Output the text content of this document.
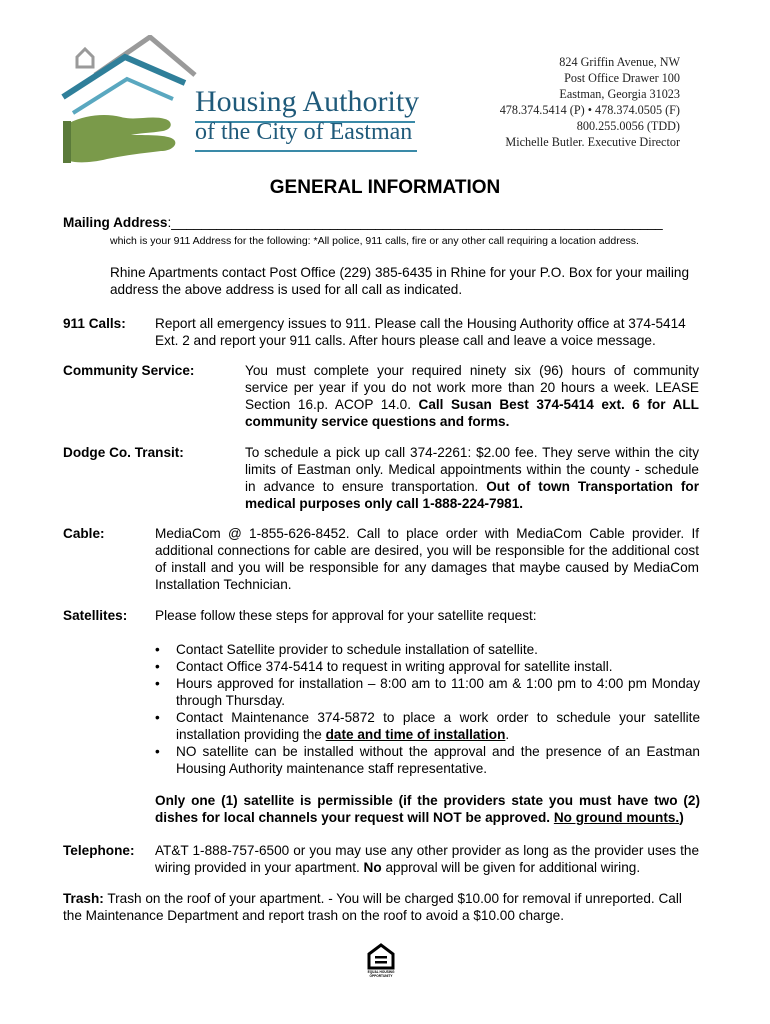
Housing Authority
of the City of Eastman
824 Griffin Avenue, NW
Post Office Drawer 100
Eastman, Georgia 31023
478.374.5414 (P) • 478.374.0505 (F)
800.255.0056 (TDD)
Michelle Butler. Executive Director
GENERAL INFORMATION
Mailing Address:_________________________________________________________________
which is your 911 Address for the following: *All police, 911 calls, fire or any other call requiring a location address.
Rhine Apartments contact Post Office (229) 385-6435 in Rhine for your P.O. Box for your mailing
address the above address is used for all call as indicated.
911 Calls: Report all emergency issues to 911. Please call the Housing Authority office at 374-5414
Ext. 2 and report your 911 calls. After hours please call and leave a voice message.
Community Service:	You must complete your required ninety six (96) hours of community service per year if you do not work more than 20 hours a week. LEASE Section 16.p. ACOP 14.0. Call Susan Best 374-5414 ext. 6 for ALL community service questions and forms.
Dodge Co. Transit:	To schedule a pick up call 374-2261: $2.00 fee. They serve within the city limits of Eastman only. Medical appointments within the county - schedule in advance to ensure transportation. Out of town Transportation for medical purposes only call 1-888-224-7981.
Cable:	MediaCom @ 1-855-626-8452. Call to place order with MediaCom Cable provider. If additional connections for cable are desired, you will be responsible for the additional cost of install and you will be responsible for any damages that maybe caused by MediaCom Installation Technician.
Satellites: Please follow these steps for approval for your satellite request:
• Contact Satellite provider to schedule installation of satellite.
• Contact Office 374-5414 to request in writing approval for satellite install.
• Hours approved for installation – 8:00 am to 11:00 am & 1:00 pm to 4:00 pm Monday through Thursday.
• Contact Maintenance 374-5872 to place a work order to schedule your satellite installation providing the date and time of installation.
• NO satellite can be installed without the approval and the presence of an Eastman Housing Authority maintenance staff representative.
Only one (1) satellite is permissible (if the providers state you must have two (2) dishes for local channels your request will NOT be approved. No ground mounts.)
Telephone: AT&T 1-888-757-6500 or you may use any other provider as long as the provider uses the wiring provided in your apartment. No approval will be given for additional wiring.
Trash: Trash on the roof of your apartment. - You will be charged $10.00 for removal if unreported. Call the Maintenance Department and report trash on the roof to avoid a $10.00 charge.
EQUAL HOUSING
OPPORTUNITY
